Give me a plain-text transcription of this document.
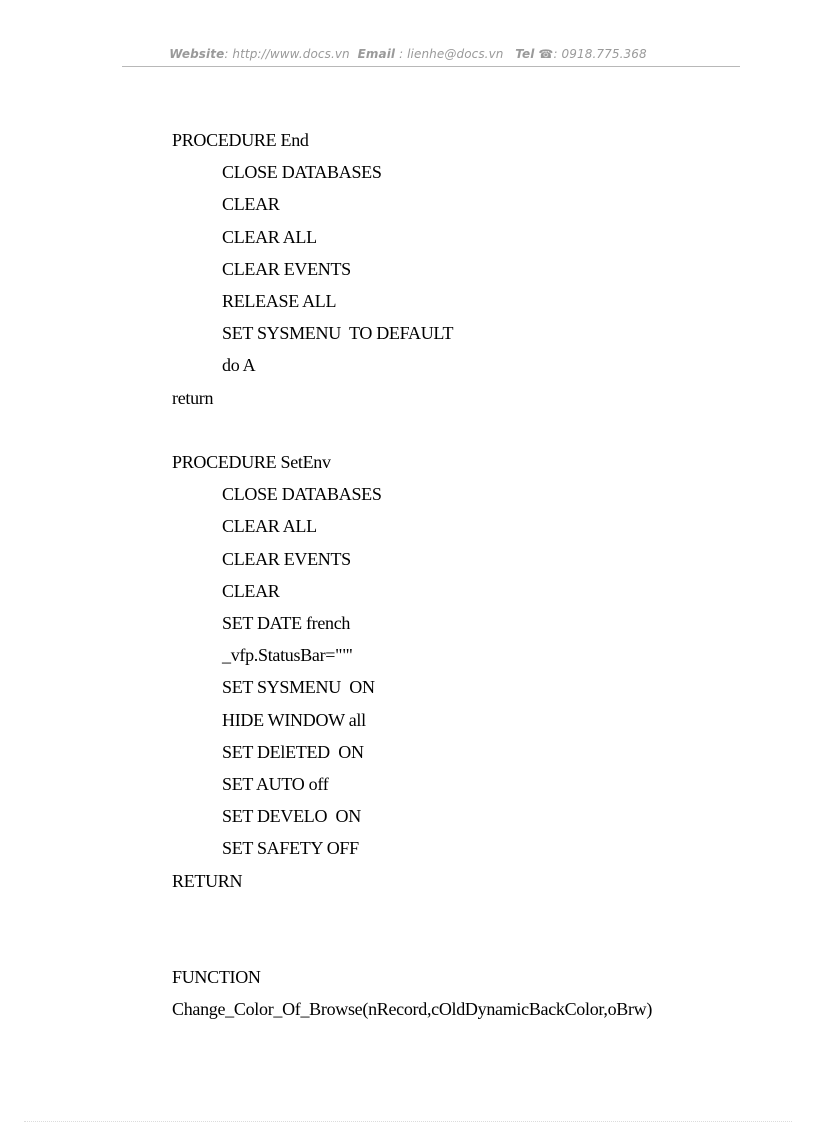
Website: http://www.docs.vn Email : lienhe@docs.vn Tel ☎: 0918.775.368
PROCEDURE End
CLOSE DATABASES
CLEAR
CLEAR ALL
CLEAR EVENTS
RELEASE ALL
SET SYSMENU  TO DEFAULT
do A
return
PROCEDURE SetEnv
CLOSE DATABASES
CLEAR ALL
CLEAR EVENTS
CLEAR
SET DATE french
_vfp.StatusBar=""'
SET SYSMENU  ON
HIDE WINDOW all
SET DElETED  ON
SET AUTO off
SET DEVELO  ON
SET SAFETY OFF
RETURN
FUNCTION
Change_Color_Of_Browse(nRecord,cOldDynamicBackColor,oBrw)
